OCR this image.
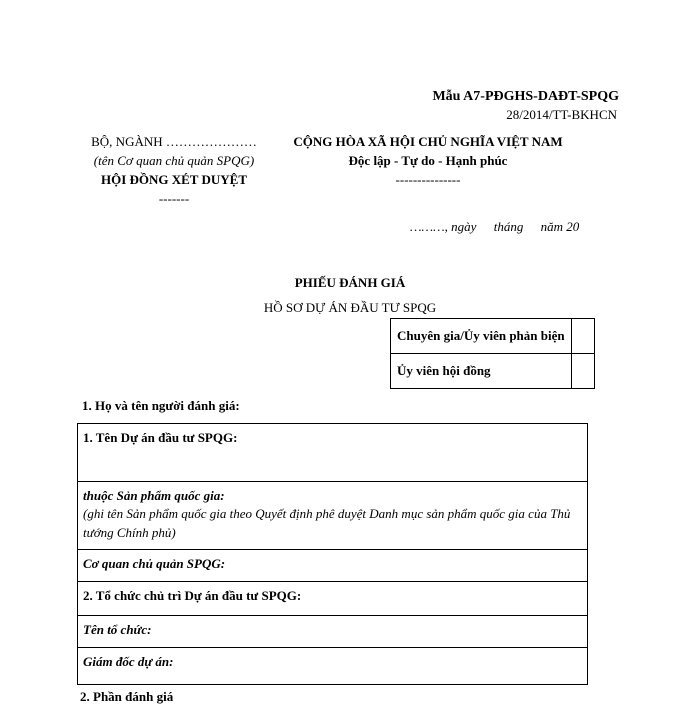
Mẫu A7-PĐGHS-DAĐT-SPQG
28/2014/TT-BKHCN
BỘ, NGÀNH …………………
(tên Cơ quan chủ quản SPQG)
HỘI ĐỒNG XÉT DUYỆT
-------
CỘNG HÒA XÃ HỘI CHỦ NGHĨA VIỆT NAM
Độc lập - Tự do - Hạnh phúc
---------------
………, ngày tháng năm 20
PHIẾU ĐÁNH GIÁ
HỒ SƠ DỰ ÁN ĐẦU TƯ SPQG
Chuyên gia/Ủy viên phản biện	
Ủy viên hội đồng	
1. Họ và tên người đánh giá:
1. Tên Dự án đầu tư SPQG:
thuộc Sản phẩm quốc gia:
(ghi tên Sản phẩm quốc gia theo Quyết định phê duyệt Danh mục sản phẩm quốc gia của Thủ tướng Chính phủ)
Cơ quan chủ quản SPQG:
2. Tổ chức chủ trì Dự án đầu tư SPQG:
Tên tổ chức:
Giám đốc dự án:
2. Phần đánh giá
